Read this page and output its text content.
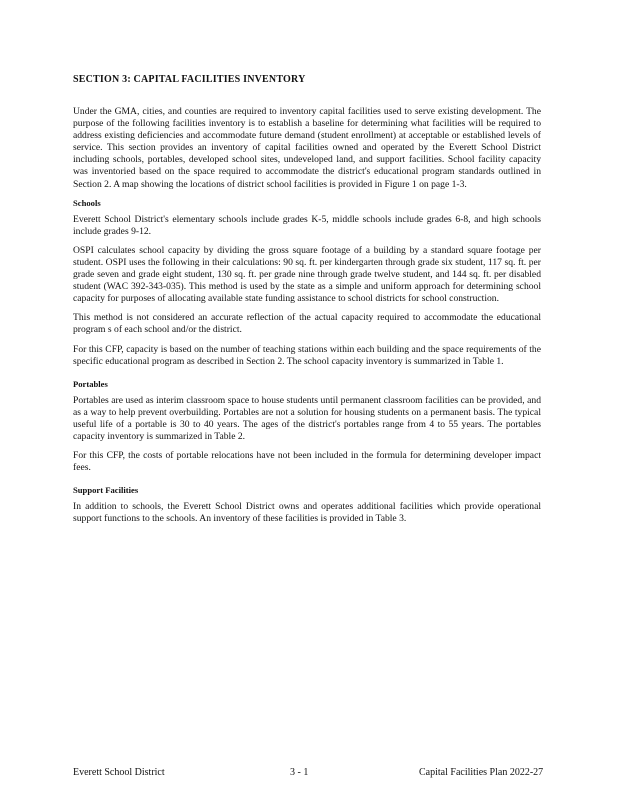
SECTION 3: CAPITAL FACILITIES INVENTORY

Under the GMA, cities, and counties are required to inventory capital facilities used to serve existing development. The purpose of the following facilities inventory is to establish a baseline for determining what facilities will be required to address existing deficiencies and accommodate future demand (student enrollment) at acceptable or established levels of service. This section provides an inventory of capital facilities owned and operated by the Everett School District including schools, portables, developed school sites, undeveloped land, and support facilities. School facility capacity was inventoried based on the space required to accommodate the district's educational program standards outlined in Section 2. A map showing the locations of district school facilities is provided in Figure 1 on page 1-3.

Schools

Everett School District's elementary schools include grades K-5, middle schools include grades 6-8, and high schools include grades 9-12.

OSPI calculates school capacity by dividing the gross square footage of a building by a standard square footage per student. OSPI uses the following in their calculations: 90 sq. ft. per kindergarten through grade six student, 117 sq. ft. per grade seven and grade eight student, 130 sq. ft. per grade nine through grade twelve student, and 144 sq. ft. per disabled student (WAC 392-343-035). This method is used by the state as a simple and uniform approach for determining school capacity for purposes of allocating available state funding assistance to school districts for school construction.

This method is not considered an accurate reflection of the actual capacity required to accommodate the educational program s of each school and/or the district.

For this CFP, capacity is based on the number of teaching stations within each building and the space requirements of the specific educational program as described in Section 2. The school capacity inventory is summarized in Table 1.

Portables

Portables are used as interim classroom space to house students until permanent classroom facilities can be provided, and as a way to help prevent overbuilding. Portables are not a solution for housing students on a permanent basis. The typical useful life of a portable is 30 to 40 years. The ages of the district's portables range from 4 to 55 years. The portables capacity inventory is summarized in Table 2.

For this CFP, the costs of portable relocations have not been included in the formula for determining developer impact fees.

Support Facilities

In addition to schools, the Everett School District owns and operates additional facilities which provide operational support functions to the schools. An inventory of these facilities is provided in Table 3.

Everett School District	3 - 1	Capital Facilities Plan 2022-27
